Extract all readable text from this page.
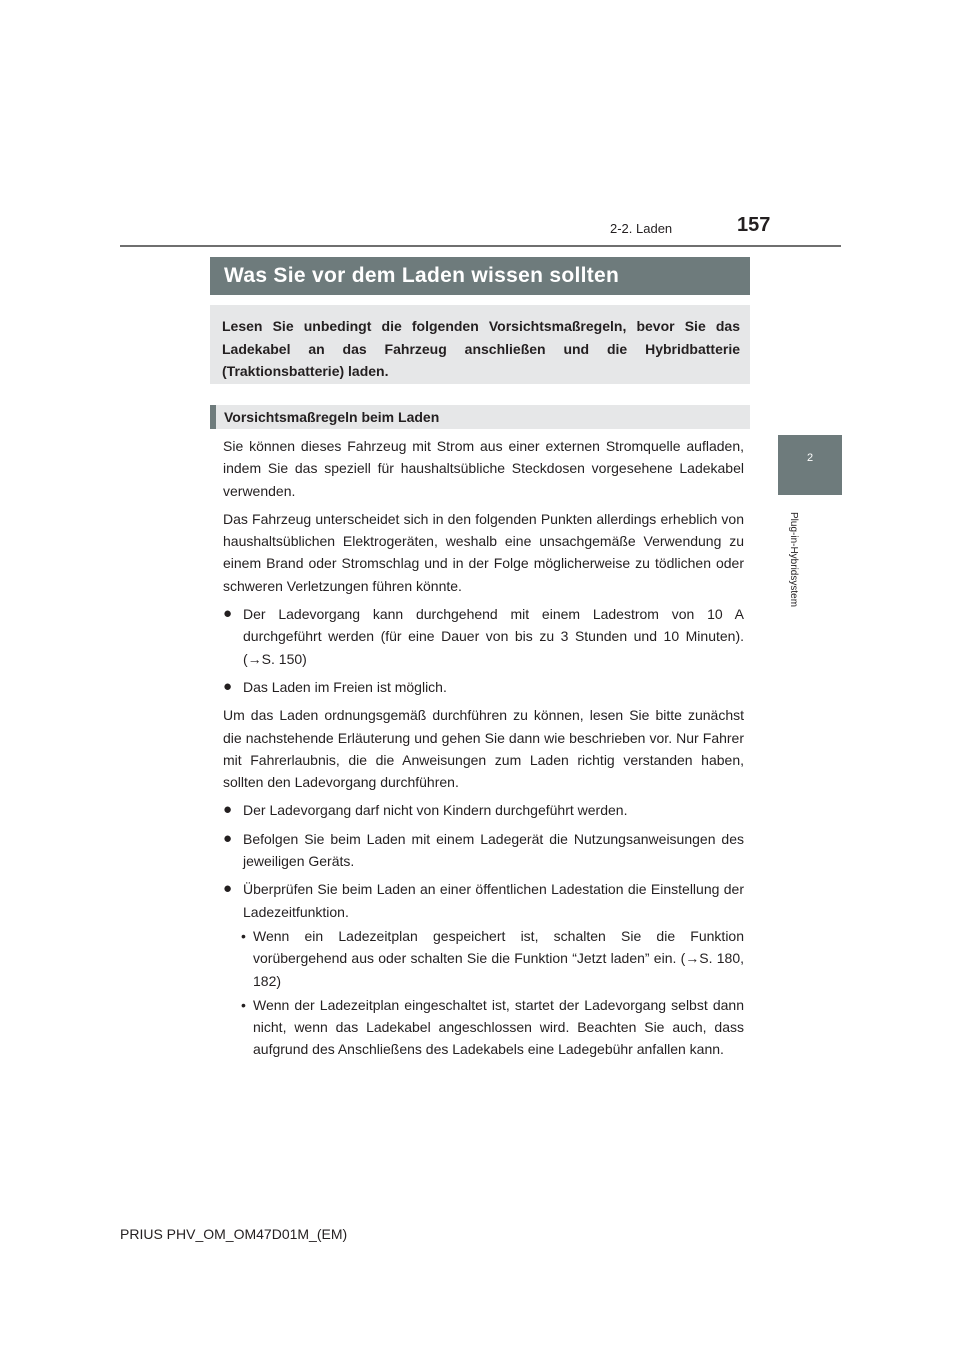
2-2. Laden	157
2
Plug-in-Hybridsystem
Was Sie vor dem Laden wissen sollten
Lesen Sie unbedingt die folgenden Vorsichtsmaßregeln, bevor Sie das Ladekabel an das Fahrzeug anschließen und die Hybridbatterie (Traktionsbatterie) laden.
Vorsichtsmaßregeln beim Laden

Sie können dieses Fahrzeug mit Strom aus einer externen Stromquelle aufladen, indem Sie das speziell für haushaltsübliche Steckdosen vorgesehene Ladekabel verwenden.

Das Fahrzeug unterscheidet sich in den folgenden Punkten allerdings erheblich von haushaltsüblichen Elektrogeräten, weshalb eine unsachgemäße Verwendung zu einem Brand oder Stromschlag und in der Folge möglicherweise zu tödlichen oder schweren Verletzungen führen könnte.

● Der Ladevorgang kann durchgehend mit einem Ladestrom von 10 A durchgeführt werden (für eine Dauer von bis zu 3 Stunden und 10 Minuten). (→S. 150)
● Das Laden im Freien ist möglich.

Um das Laden ordnungsgemäß durchführen zu können, lesen Sie bitte zunächst die nachstehende Erläuterung und gehen Sie dann wie beschrieben vor. Nur Fahrer mit Fahrerlaubnis, die die Anweisungen zum Laden richtig verstanden haben, sollten den Ladevorgang durchführen.

● Der Ladevorgang darf nicht von Kindern durchgeführt werden.
● Befolgen Sie beim Laden mit einem Ladegerät die Nutzungsanweisungen des jeweiligen Geräts.
● Überprüfen Sie beim Laden an einer öffentlichen Ladestation die Einstellung der Ladezeitfunktion.
• Wenn ein Ladezeitplan gespeichert ist, schalten Sie die Funktion vorübergehend aus oder schalten Sie die Funktion “Jetzt laden” ein. (→S. 180, 182)
• Wenn der Ladezeitplan eingeschaltet ist, startet der Ladevorgang selbst dann nicht, wenn das Ladekabel angeschlossen wird. Beachten Sie auch, dass aufgrund des Anschließens des Ladekabels eine Ladegebühr anfallen kann.
PRIUS PHV_OM_OM47D01M_(EM)
